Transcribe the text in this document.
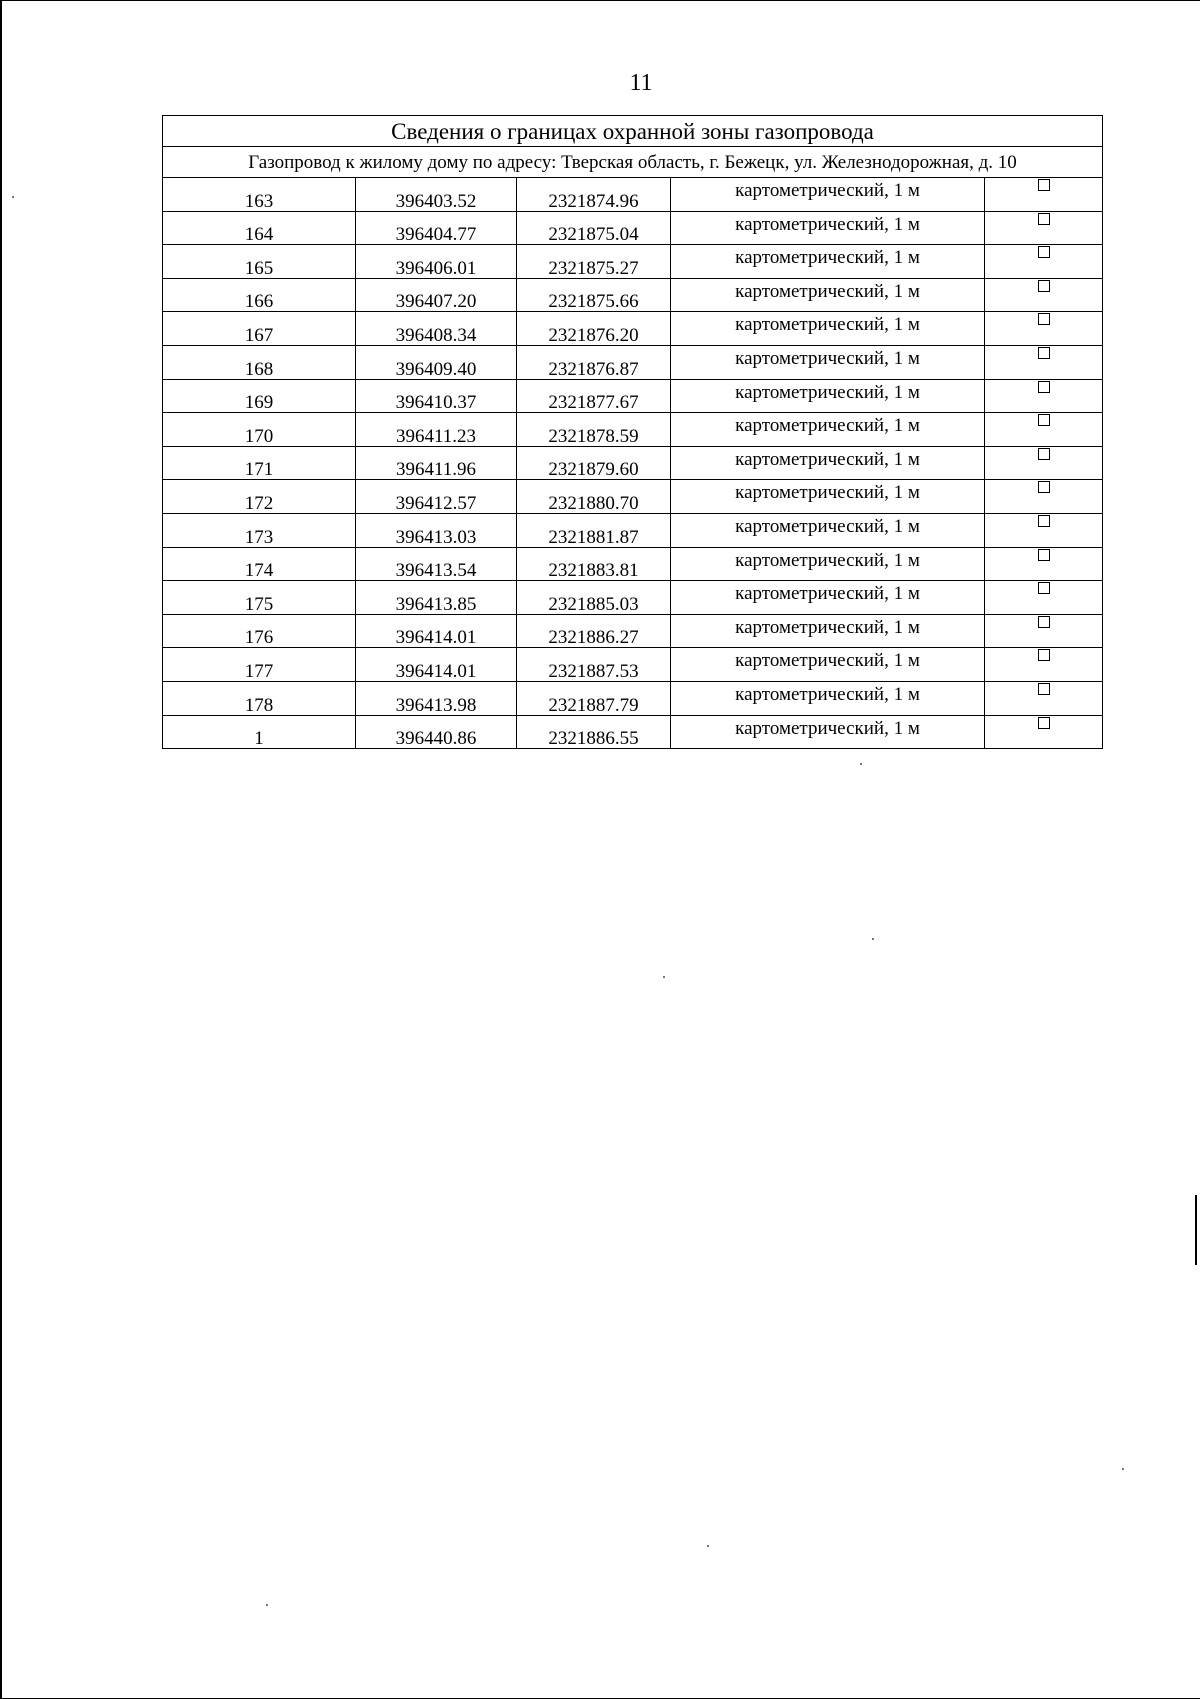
11
Сведения о границах охранной зоны газопровода				
Газопровод к жилому дому по адресу: Тверская область, г. Бежецк, ул. Железнодорожная, д. 10				
163	396403.52	2321874.96	картометрический, 1 м	
164	396404.77	2321875.04	картометрический, 1 м	
165	396406.01	2321875.27	картометрический, 1 м	
166	396407.20	2321875.66	картометрический, 1 м	
167	396408.34	2321876.20	картометрический, 1 м	
168	396409.40	2321876.87	картометрический, 1 м	
169	396410.37	2321877.67	картометрический, 1 м	
170	396411.23	2321878.59	картометрический, 1 м	
171	396411.96	2321879.60	картометрический, 1 м	
172	396412.57	2321880.70	картометрический, 1 м	
173	396413.03	2321881.87	картометрический, 1 м	
174	396413.54	2321883.81	картометрический, 1 м	
175	396413.85	2321885.03	картометрический, 1 м	
176	396414.01	2321886.27	картометрический, 1 м	
177	396414.01	2321887.53	картометрический, 1 м	
178	396413.98	2321887.79	картометрический, 1 м	
1	396440.86	2321886.55	картометрический, 1 м	
